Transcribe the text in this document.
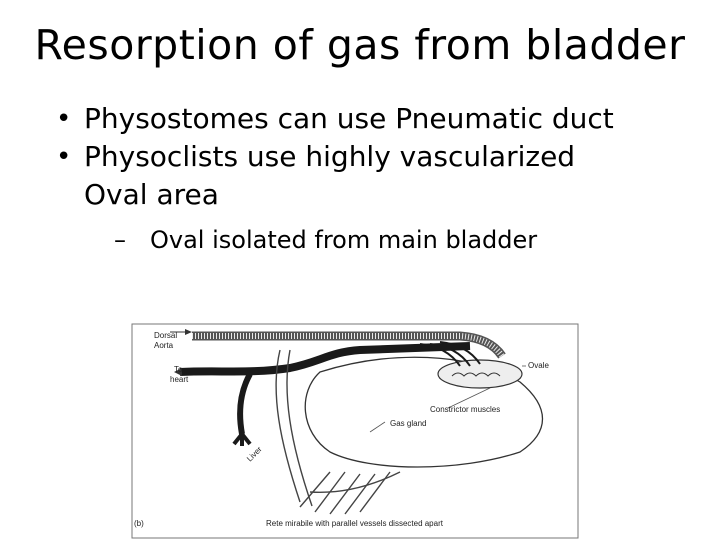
Resorption of gas from bladder
• Physostomes can use Pneumatic duct
• Physoclists use highly vascularized
Oval area
– Oval isolated from main bladder
Dorsal
Aorta
To
heart
Liver
Ovale
Constrictor muscles
Gas gland
(b)	Rete mirabile with parallel vessels dissected apart
